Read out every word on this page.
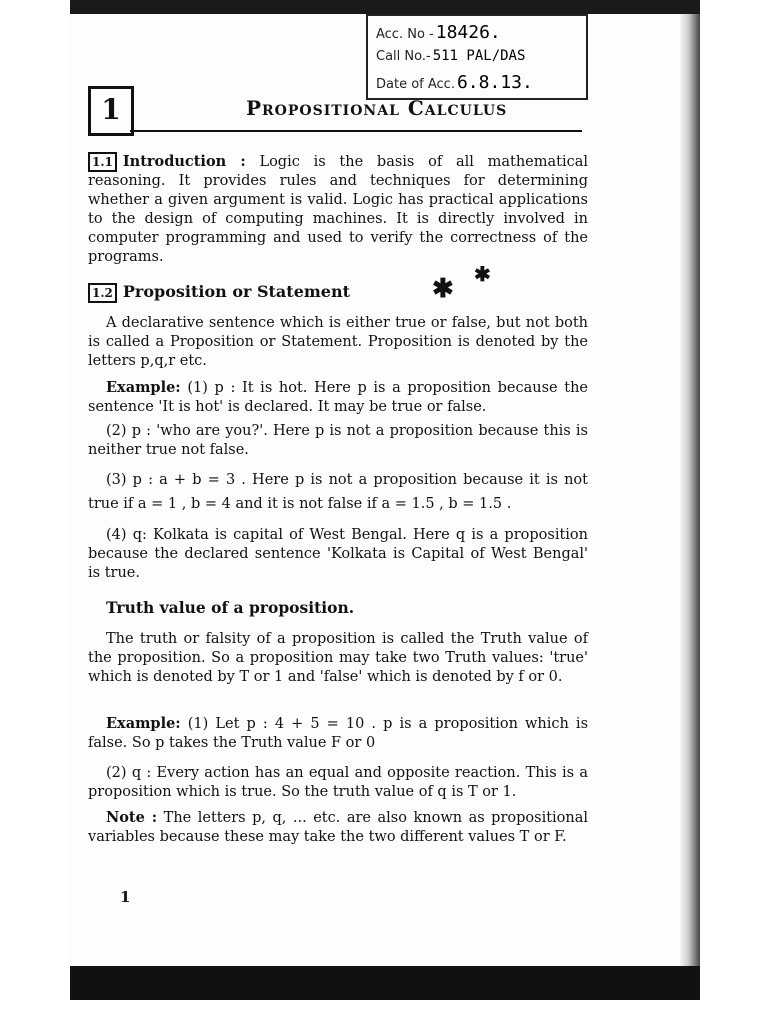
Acc. No - 18426.
Call No.- 511 PAL/DAS
Date of Acc. 6.8.13.
1	Propositional Calculus
1.1 Introduction : Logic is the basis of all mathematical reasoning. It provides rules and techniques for determining whether a given argument is valid. Logic has practical applications to the design of computing machines. It is directly involved in computer programming and used to verify the correctness of the programs.
1.2 Proposition or Statement	✱ ✱
A declarative sentence which is either true or false, but not both is called a Proposition or Statement. Proposition is denoted by the letters p,q,r etc.
Example: (1) p : It is hot. Here p is a proposition because the sentence 'It is hot' is declared. It may be true or false.
(2) p : 'who are you?'. Here p is not a proposition because this is neither true not false.
(3) p : a + b = 3 . Here p is not a proposition because it is not true if a = 1 , b = 4 and it is not false if a = 1.5 , b = 1.5 .
(4) q: Kolkata is capital of West Bengal. Here q is a proposition because the declared sentence 'Kolkata is Capital of West Bengal' is true.
Truth value of a proposition.
The truth or falsity of a proposition is called the Truth value of the proposition. So a proposition may take two Truth values: 'true' which is denoted by T or 1 and 'false' which is denoted by f or 0.
Example: (1) Let p : 4 + 5 = 10 . p is a proposition which is false. So p takes the Truth value F or 0
(2) q : Every action has an equal and opposite reaction. This is a proposition which is true. So the truth value of q is T or 1.
Note : The letters p, q, ... etc. are also known as propositional variables because these may take the two different values T or F.
1
